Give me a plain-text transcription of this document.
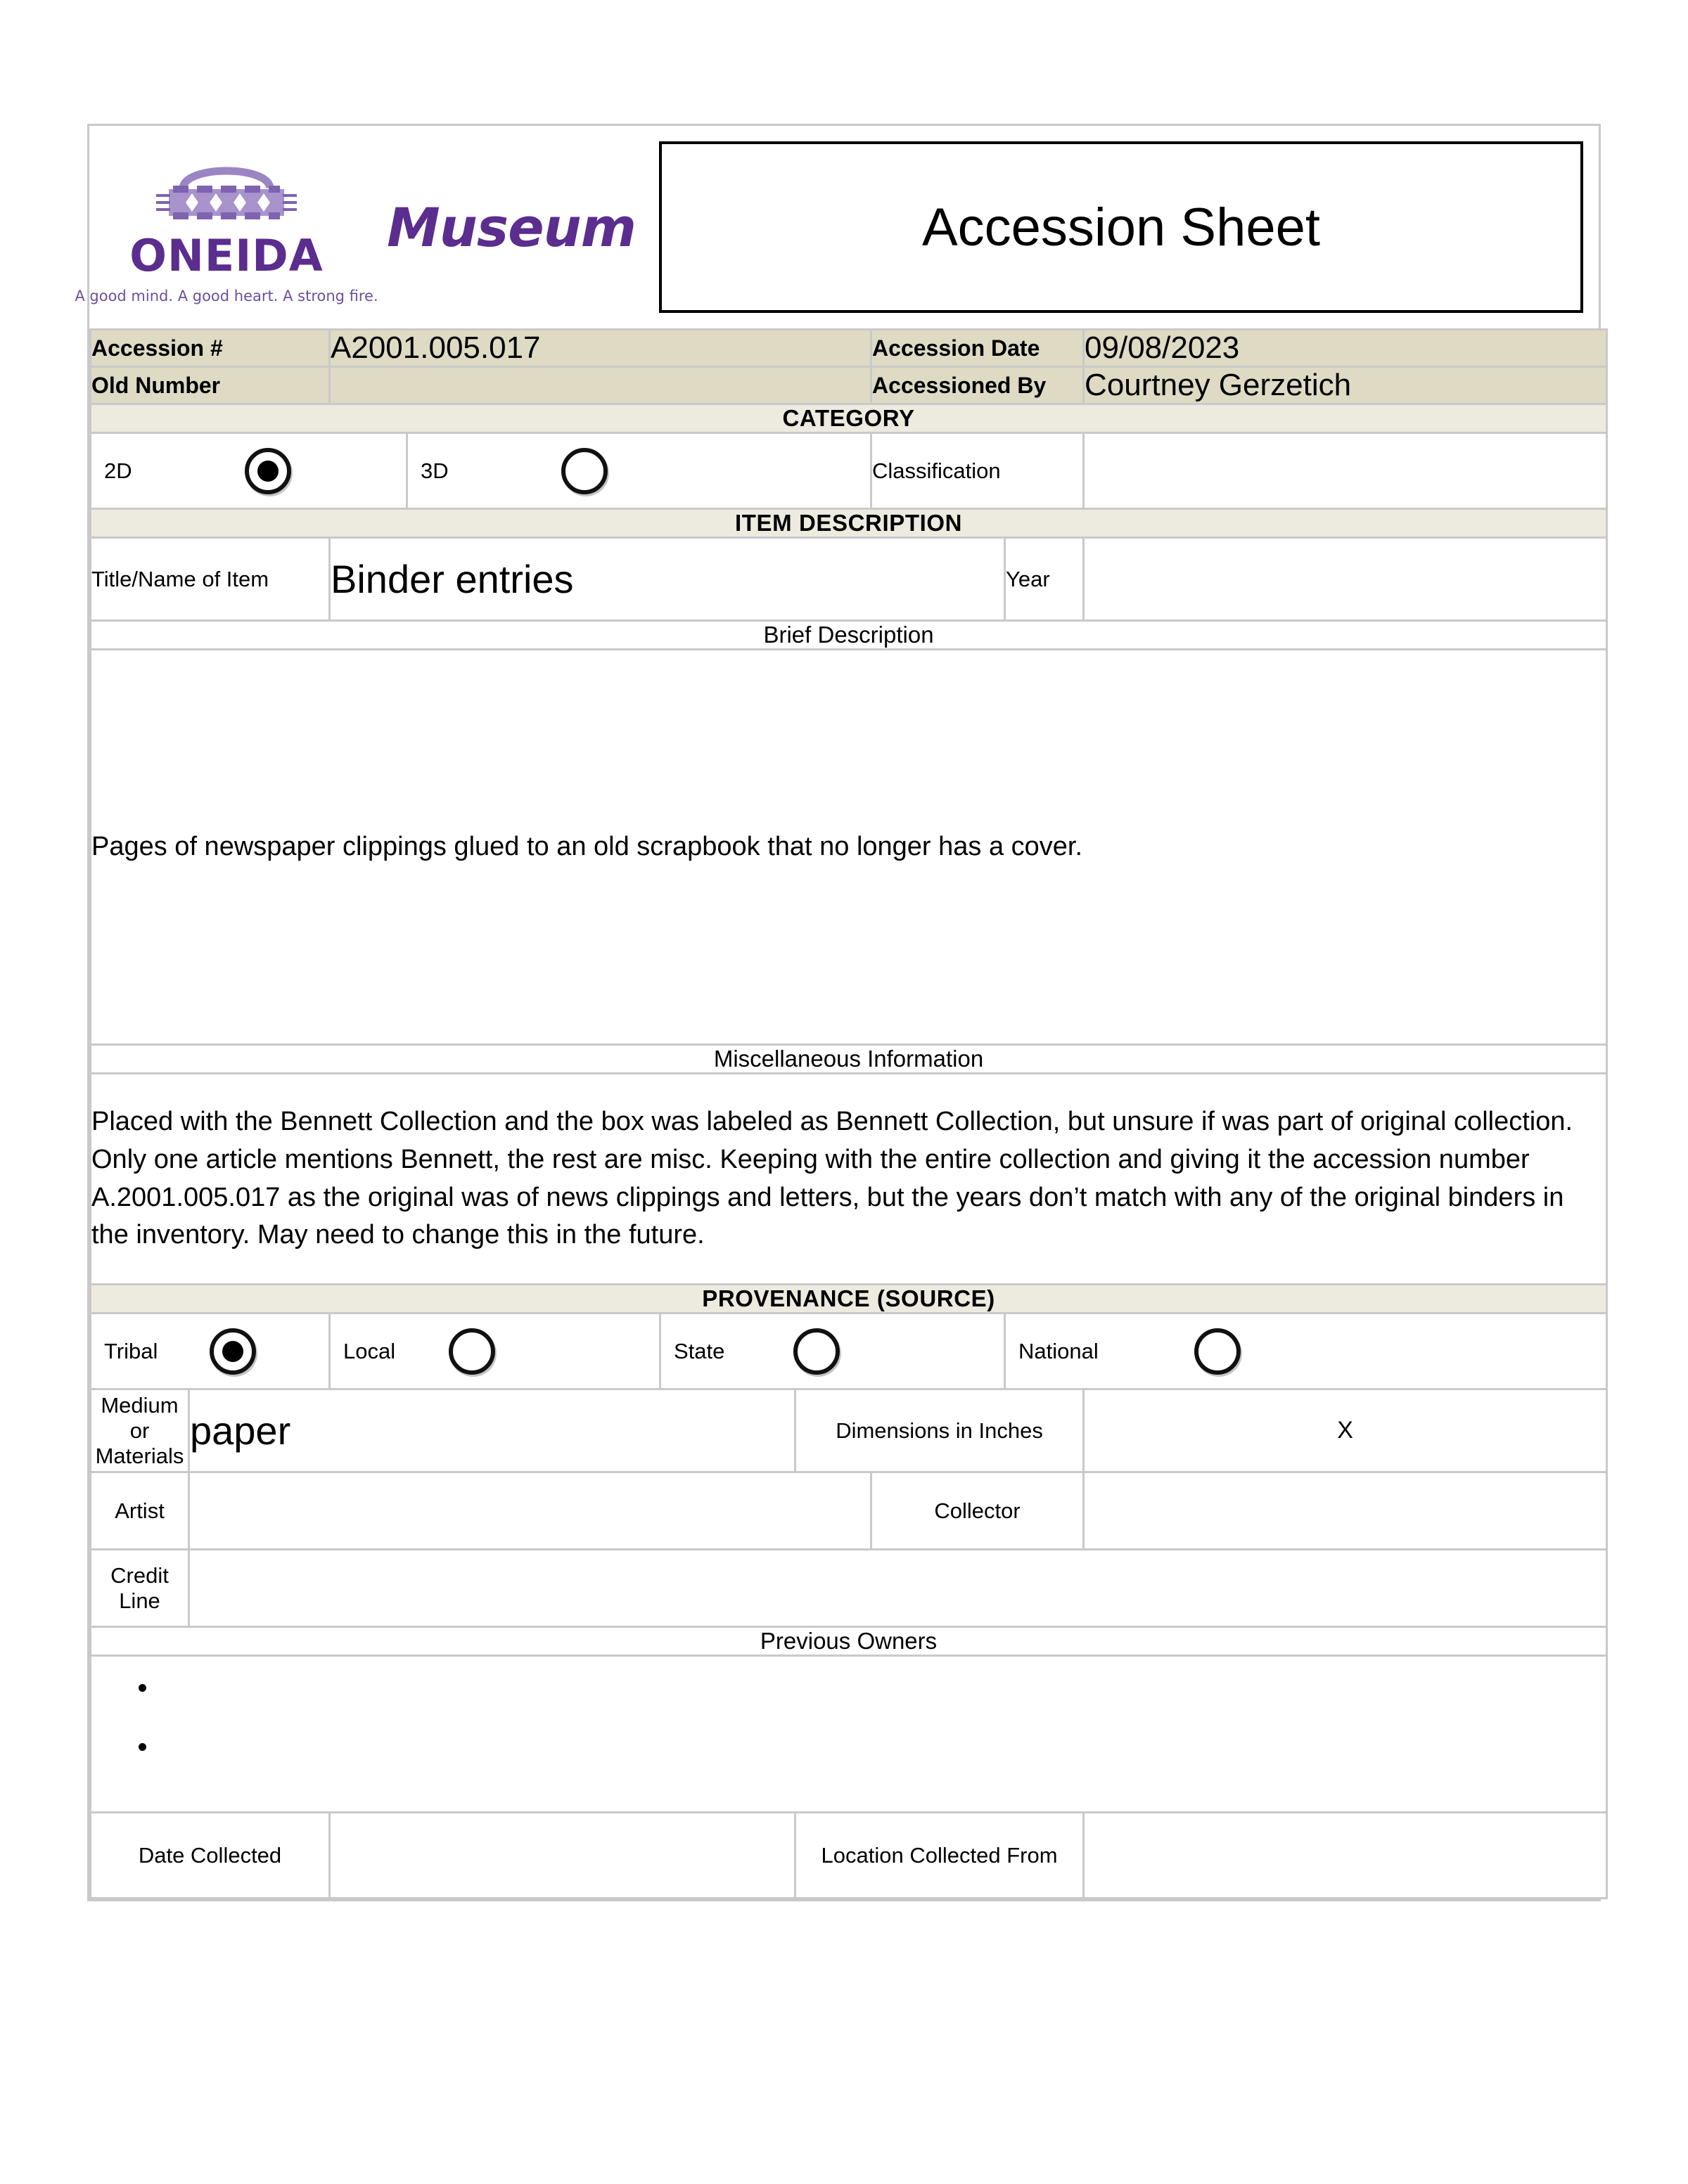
ONEIDA
A good mind. A good heart. A strong fire.
Museum	Accession Sheet
Accession #		A2001.005.017				Accession Date		09/08/2023
Old Number						Accessioned By		Courtney Gerzetich
CATEGORY								

2D			3D			Classification		
ITEM DESCRIPTION								
Title/Name of Item		Binder entries					Year	
Brief Description								
Pages of newspaper clippings glued to an old scrapbook that no longer has a cover.								
Miscellaneous Information								
Placed with the Bennett Collection and the box was labeled as Bennett Collection, but unsure if was part of original collection. Only one article mentions Bennett, the rest are misc. Keeping with the entire collection and giving it the accession number A.2001.005.017 as the original was of news clippings and letters, but the years don’t match with any of the original binders in the inventory. May need to change this in the future.								
PROVENANCE (SOURCE)								

Tribal		Local		State			National	

Medium or Materials	paper				Dimensions in Inches			X
Artist						Collector		
Credit Line								
Previous Owners								

•
•

Date Collected					Location Collected From			
